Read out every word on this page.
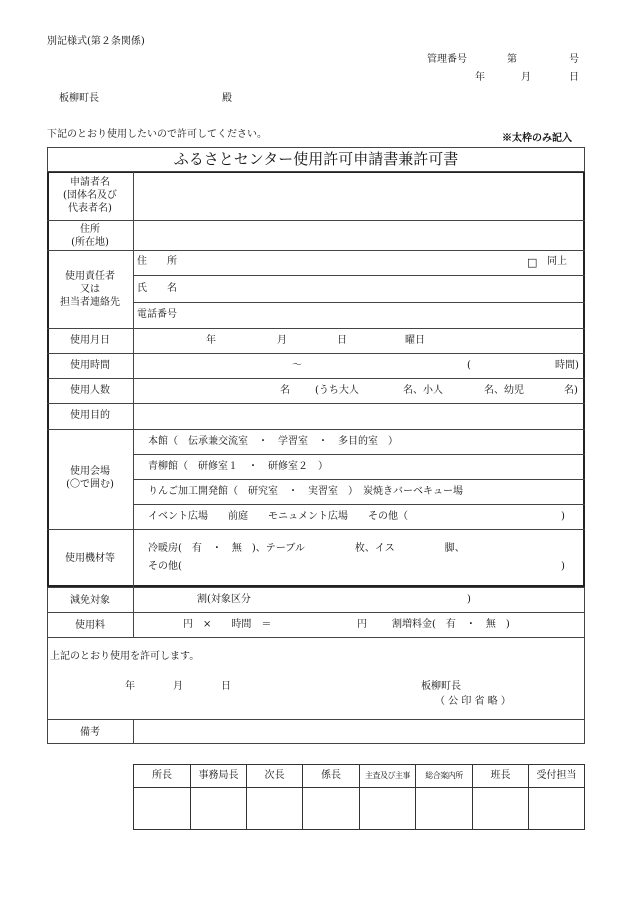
別記様式(第２条関係)
管理番号	第	号
年	月	日
板柳町長	殿
下記のとおり使用したいので許可してください。	※太枠のみ記入
ふるさとセンター使用許可申請書兼許可書
申請者名
(団体名及び
代表者名)
住所
(所在地)
使用責任者
又は
担当者連絡先
住　　所	□ 同上
氏　　名
電話番号
使用月日	年	月	日	曜日
使用時間	～	(	時間)
使用人数	名	(うち大人	名、小人	名、幼児	名)
使用目的
使用会場
(〇で囲む)
本館（　伝承兼交流室　・　学習室　・　多目的室　）
青柳館（　研修室１　・　研修室２　）
りんご加工開発館（　研究室　・　実習室　）　炭焼きバーベキュー場
イベント広場　　前庭　　モニュメント広場　　その他（	)
使用機材等
冷暖房(　有　・　無　)、テーブル　　　　　枚、イス　　　　　脚、
その他(	)
減免対象	割(対象区分	)
使用料	円　×　　時間　＝	円	割増料金(　有　・　無　)
上記のとおり使用を許可します。
年	月	日	板柳町長
（ 公 印 省 略 ）
備考
所長	事務局長	次長	係長	主査及び主事	総合案内所	班長	受付担当
